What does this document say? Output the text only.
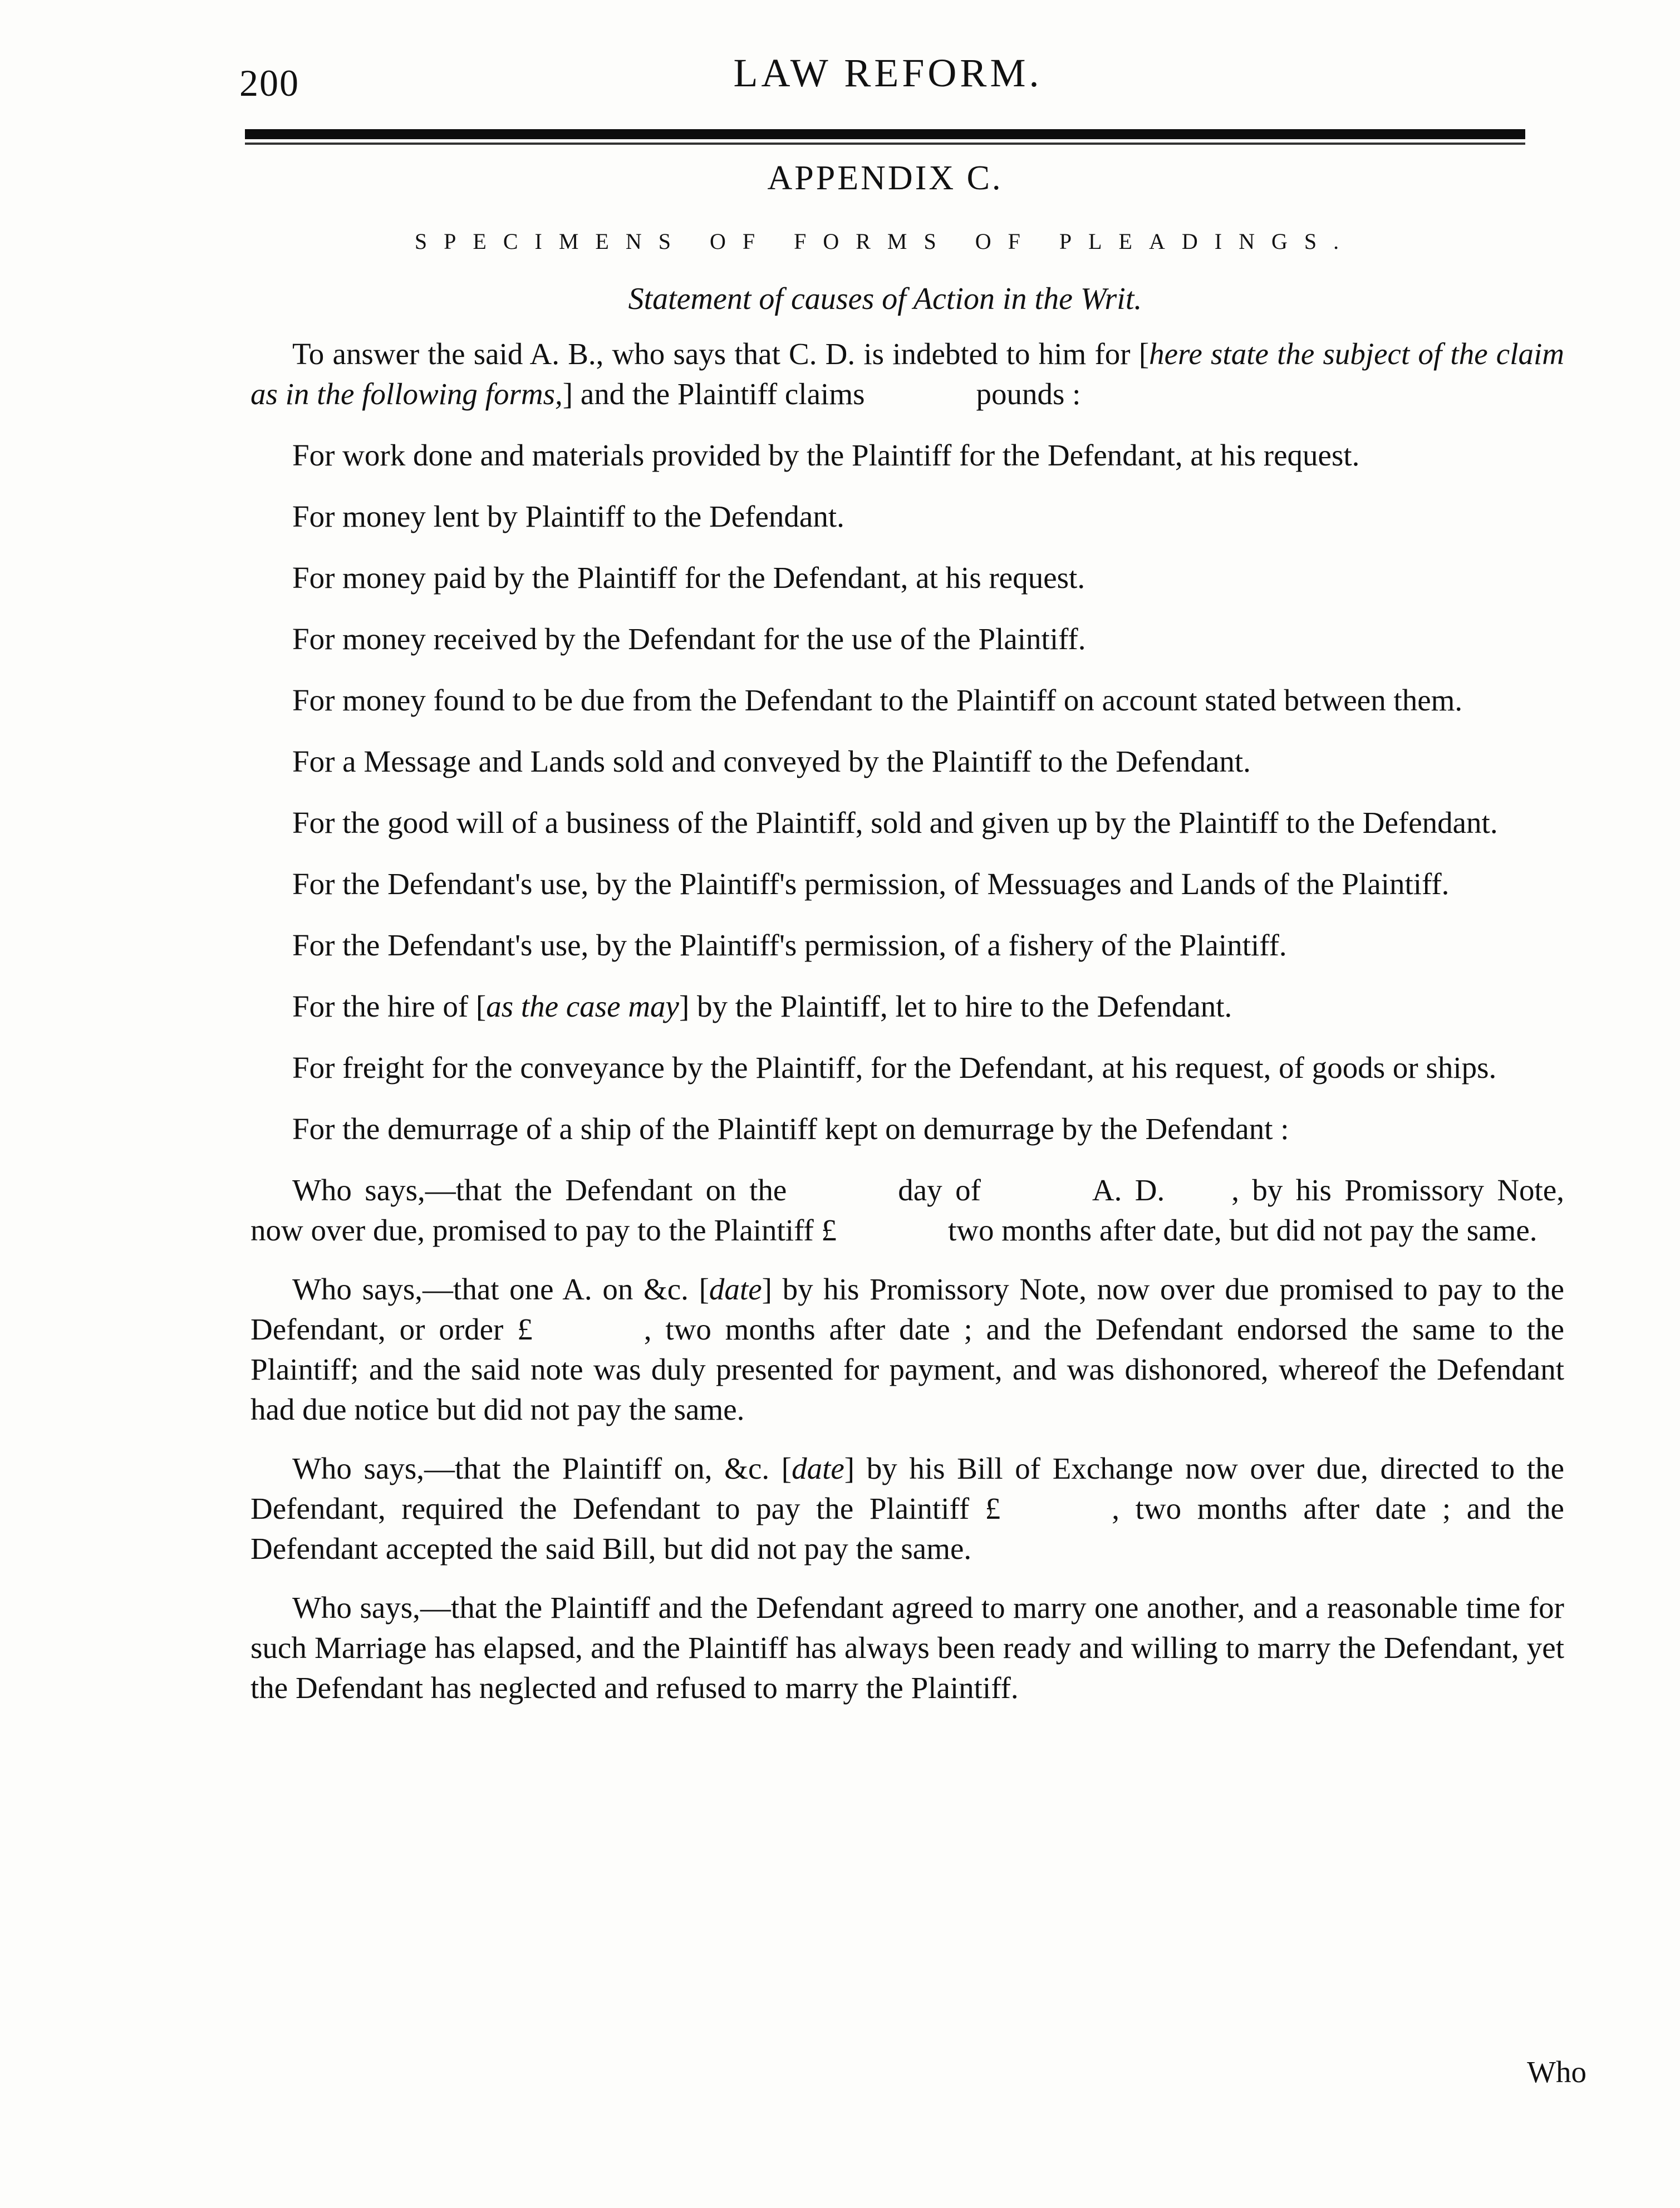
200	LAW REFORM.
APPENDIX C.
SPECIMENS OF FORMS OF PLEADINGS.
Statement of causes of Action in the Writ.

To answer the said A. B., who says that C. D. is indebted to him for [here state the subject of the claim as in the following forms,] and the Plaintiff claims	pounds :

For work done and materials provided by the Plaintiff for the Defendant, at his request.

For money lent by Plaintiff to the Defendant.

For money paid by the Plaintiff for the Defendant, at his request.

For money received by the Defendant for the use of the Plaintiff.

For money found to be due from the Defendant to the Plaintiff on account stated between them.

For a Message and Lands sold and conveyed by the Plaintiff to the Defendant.

For the good will of a business of the Plaintiff, sold and given up by the Plaintiff to the Defendant.

For the Defendant's use, by the Plaintiff's permission, of Messuages and Lands of the Plaintiff.

For the Defendant's use, by the Plaintiff's permission, of a fishery of the Plaintiff.

For the hire of [as the case may] by the Plaintiff, let to hire to the Defendant.

For freight for the conveyance by the Plaintiff, for the Defendant, at his request, of goods or ships.

For the demurrage of a ship of the Plaintiff kept on demurrage by the Defendant :

Who says,—that the Defendant on the	day of	A. D. , by his Promissory Note, now over due, promised to pay to the Plaintiff £	two months after date, but did not pay the same.

Who says,—that one A. on &c. [date] by his Promissory Note, now over due promised to pay to the Defendant, or order £	, two months after date ; and the Defendant endorsed the same to the Plaintiff; and the said note was duly presented for payment, and was dishonored, whereof the Defendant had due notice but did not pay the same.

Who says,—that the Plaintiff on, &c. [date] by his Bill of Exchange now over due, directed to the Defendant, required the Defendant to pay the Plaintiff £	, two months after date ; and the Defendant accepted the said Bill, but did not pay the same.

Who says,—that the Plaintiff and the Defendant agreed to marry one another, and a reasonable time for such Marriage has elapsed, and the Plaintiff has always been ready and willing to marry the Defendant, yet the Defendant has neglected and refused to marry the Plaintiff.

Who
